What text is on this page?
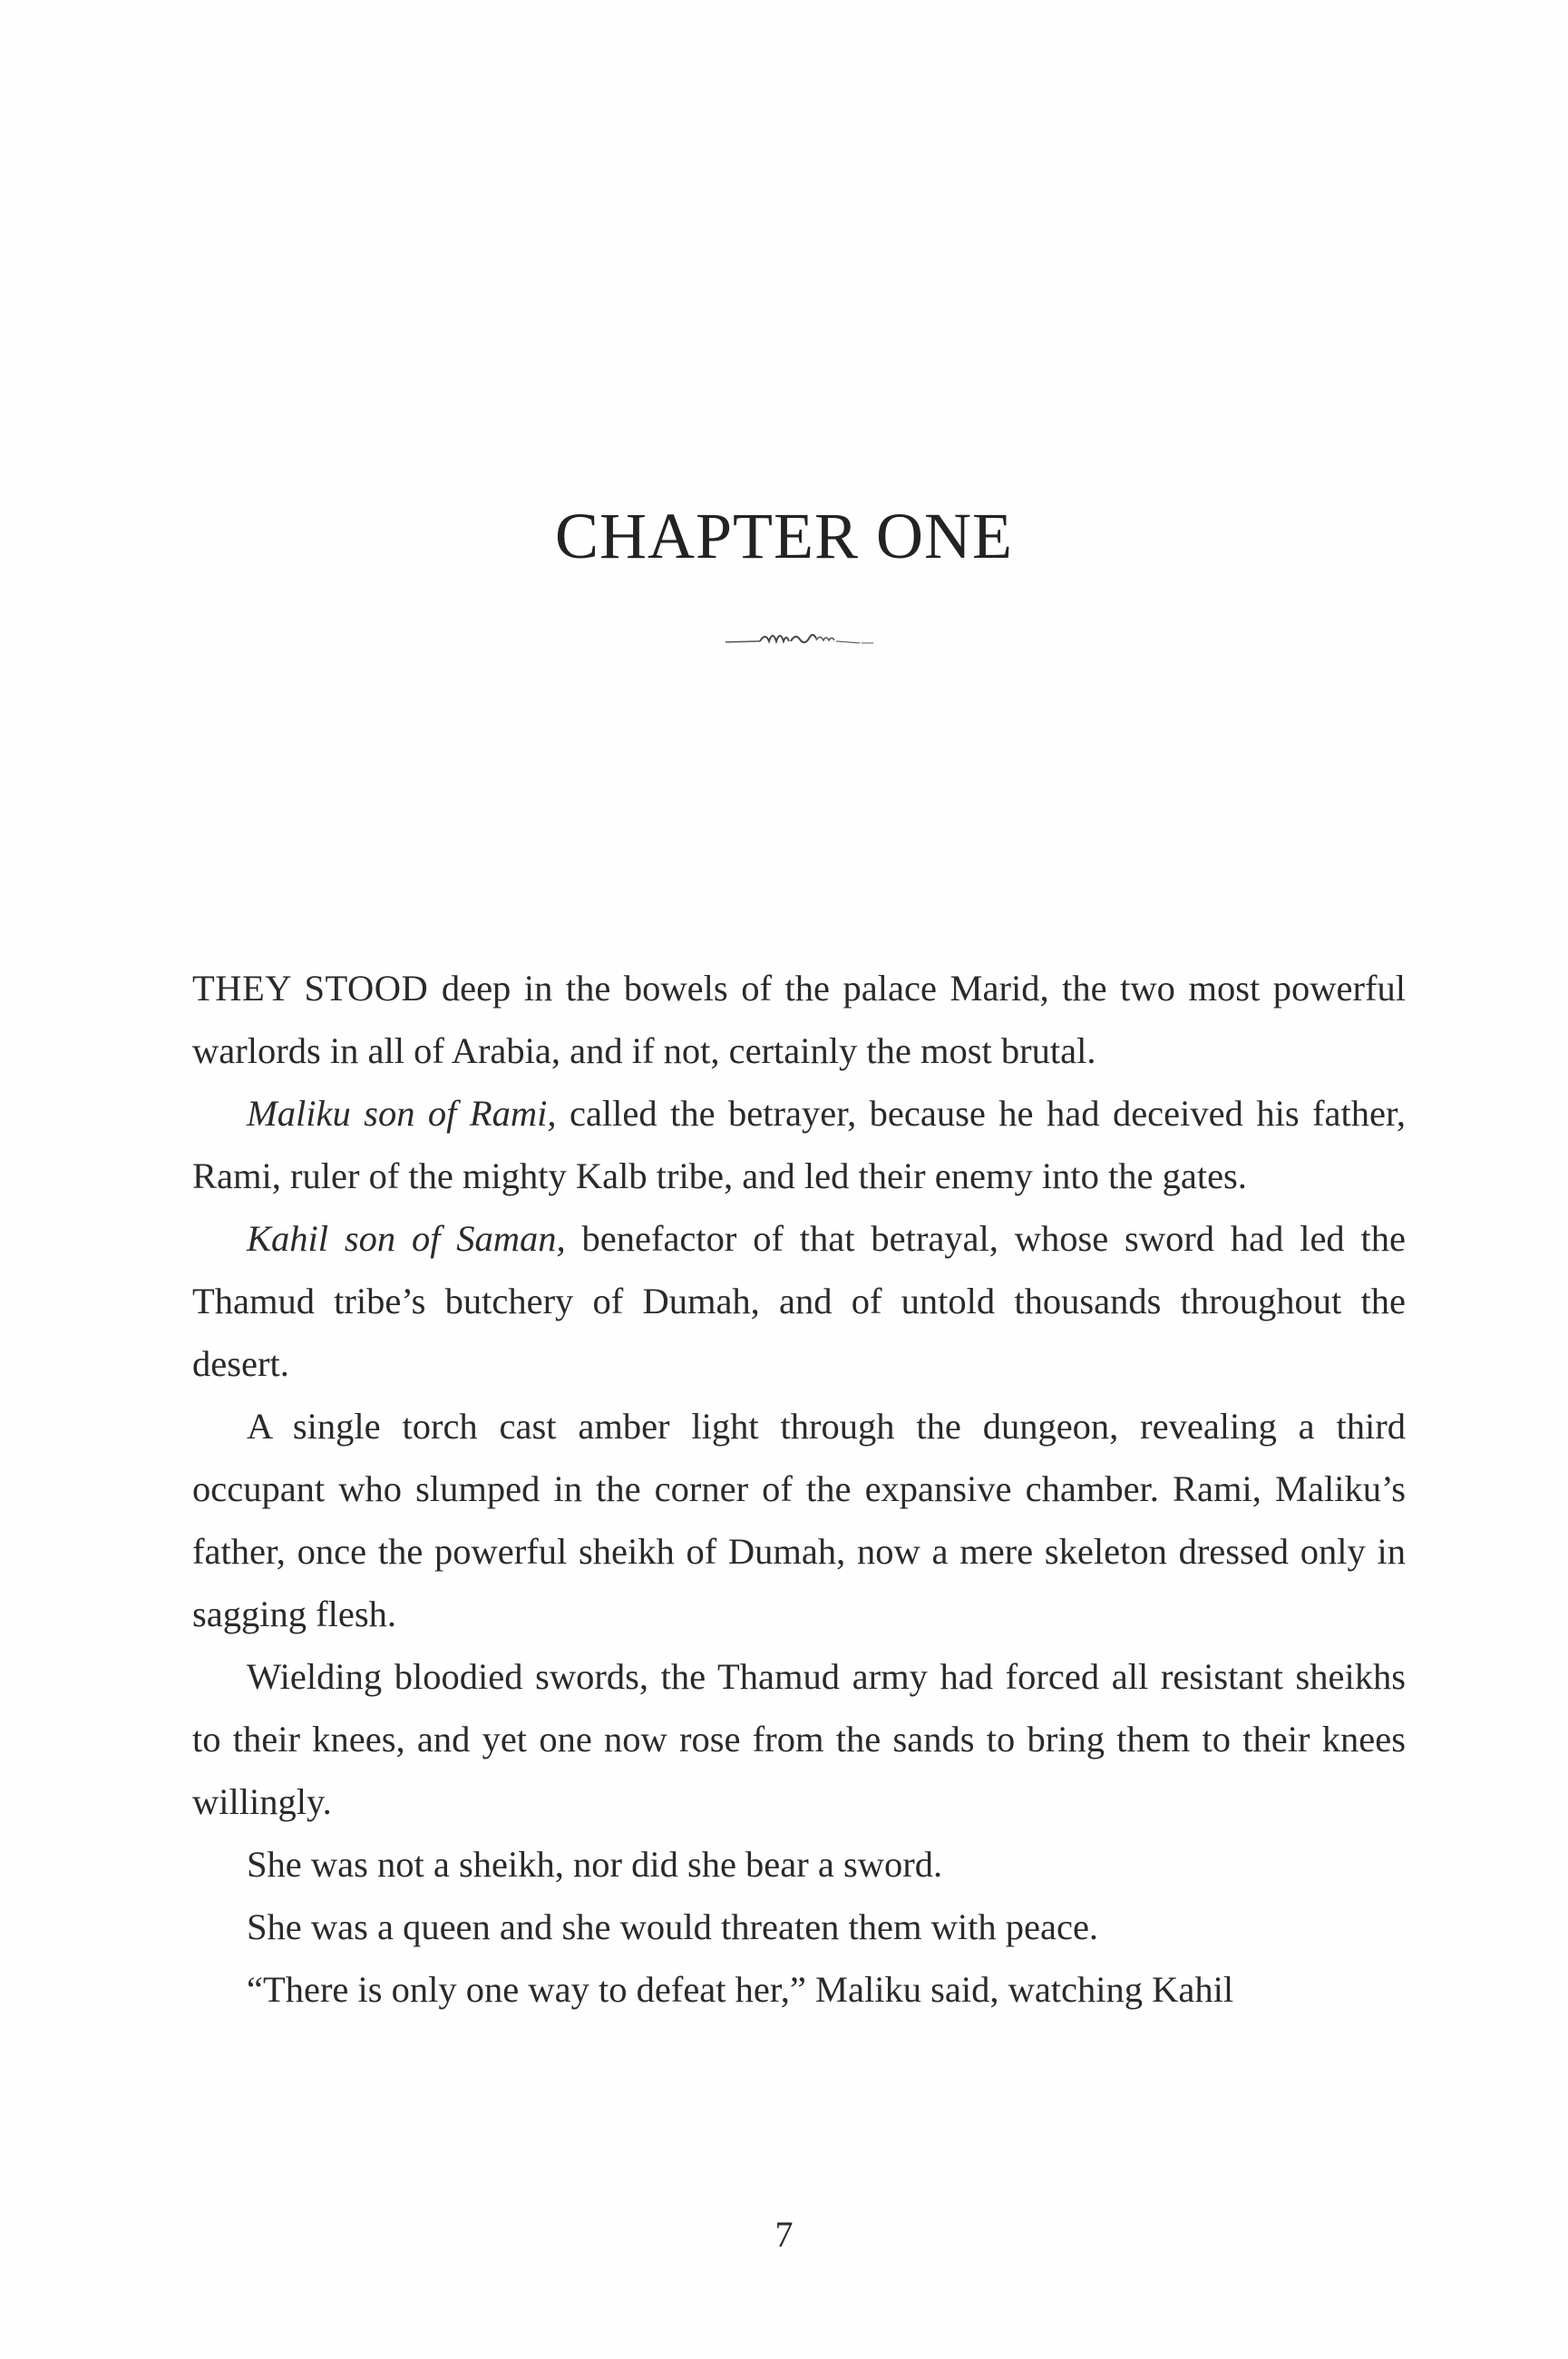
CHAPTER ONE

THEY STOOD deep in the bowels of the palace Marid, the two most powerful warlords in all of Arabia, and if not, certainly the most brutal.

Maliku son of Rami, called the betrayer, because he had deceived his father, Rami, ruler of the mighty Kalb tribe, and led their enemy into the gates.

Kahil son of Saman, benefactor of that betrayal, whose sword had led the Thamud tribe’s butchery of Dumah, and of untold thousands throughout the desert.

A single torch cast amber light through the dungeon, revealing a third occupant who slumped in the corner of the expansive chamber. Rami, Maliku’s father, once the powerful sheikh of Dumah, now a mere skeleton dressed only in sagging flesh.

Wielding bloodied swords, the Thamud army had forced all resistant sheikhs to their knees, and yet one now rose from the sands to bring them to their knees willingly.

She was not a sheikh, nor did she bear a sword.

She was a queen and she would threaten them with peace.

“There is only one way to defeat her,” Maliku said, watching Kahil

7
